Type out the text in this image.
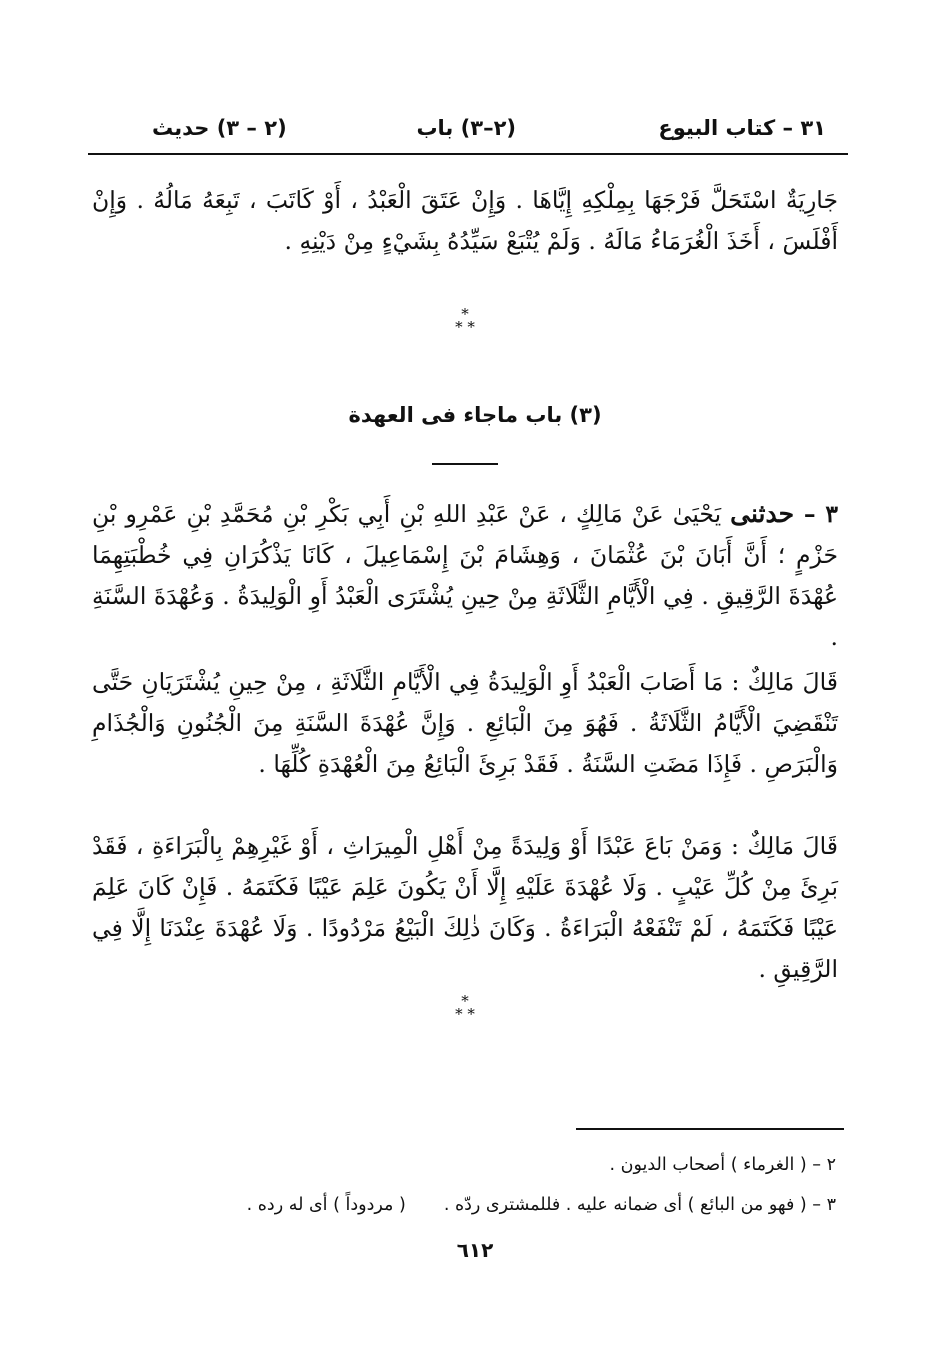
٣١ – كتاب البيوع
(٢–٣) باب
(٢ – ٣) حديث
جَارِيَةٌ اسْتَحَلَّ فَرْجَهَا بِمِلْكِهِ إِيَّاهَا . وَإِنْ عَتَقَ الْعَبْدُ ، أَوْ كَاتَبَ ، تَبِعَهُ مَالُهُ . وَإِنْ أَفْلَسَ ، أَخَذَ الْغُرَمَاءُ مَالَهُ . وَلَمْ يُتْبَعْ سَيِّدُهُ بِشَيْءٍ مِنْ دَيْنِهِ .
*
* *
(٣) باب ماجاء فى العهدة
٣ – حدثنى يَحْيَىٰ عَنْ مَالِكٍ ، عَنْ عَبْدِ اللهِ بْنِ أَبِي بَكْرِ بْنِ مُحَمَّدِ بْنِ عَمْرِو بْنِ حَزْمٍ ؛ أَنَّ أَبَانَ بْنَ عُثْمَانَ ، وَهِشَامَ بْنَ إِسْمَاعِيلَ ، كَانَا يَذْكُرَانِ فِي خُطْبَتِهِمَا عُهْدَةَ الرَّقِيقِ . فِي الْأَيَّامِ الثَّلَاثَةِ مِنْ حِينِ يُشْتَرَى الْعَبْدُ أَوِ الْوَلِيدَةُ . وَعُهْدَةَ السَّنَةِ .
قَالَ مَالِكٌ : مَا أَصَابَ الْعَبْدُ أَوِ الْوَلِيدَةُ فِي الْأَيَّامِ الثَّلَاثَةِ ، مِنْ حِينِ يُشْتَرَيَانِ حَتَّى تَنْقَضِيَ الْأَيَّامُ الثَّلَاثَةُ . فَهُوَ مِنَ الْبَائِعِ . وَإِنَّ عُهْدَةَ السَّنَةِ مِنَ الْجُنُونِ وَالْجُذَامِ وَالْبَرَصِ . فَإِذَا مَضَتِ السَّنَةُ . فَقَدْ بَرِئَ الْبَائِعُ مِنَ الْعُهْدَةِ كُلِّهَا .
قَالَ مَالِكٌ : وَمَنْ بَاعَ عَبْدًا أَوْ وَلِيدَةً مِنْ أَهْلِ الْمِيرَاثِ ، أَوْ غَيْرِهِمْ بِالْبَرَاءَةِ ، فَقَدْ بَرِئَ مِنْ كُلِّ عَيْبٍ . وَلَا عُهْدَةَ عَلَيْهِ إِلَّا أَنْ يَكُونَ عَلِمَ عَيْبًا فَكَتَمَهُ . فَإِنْ كَانَ عَلِمَ عَيْبًا فَكَتَمَهُ ، لَمْ تَنْفَعْهُ الْبَرَاءَةُ . وَكَانَ ذٰلِكَ الْبَيْعُ مَرْدُودًا . وَلَا عُهْدَةَ عِنْدَنَا إِلَّا فِي الرَّقِيقِ .
*
* *
٢ – ( الغرماء ) أصحاب الديون .
٣ – ( فهو من البائع ) أى ضمانه عليه . فللمشترى ردّه .( مردوداً ) أى له رده .
٦١٢
